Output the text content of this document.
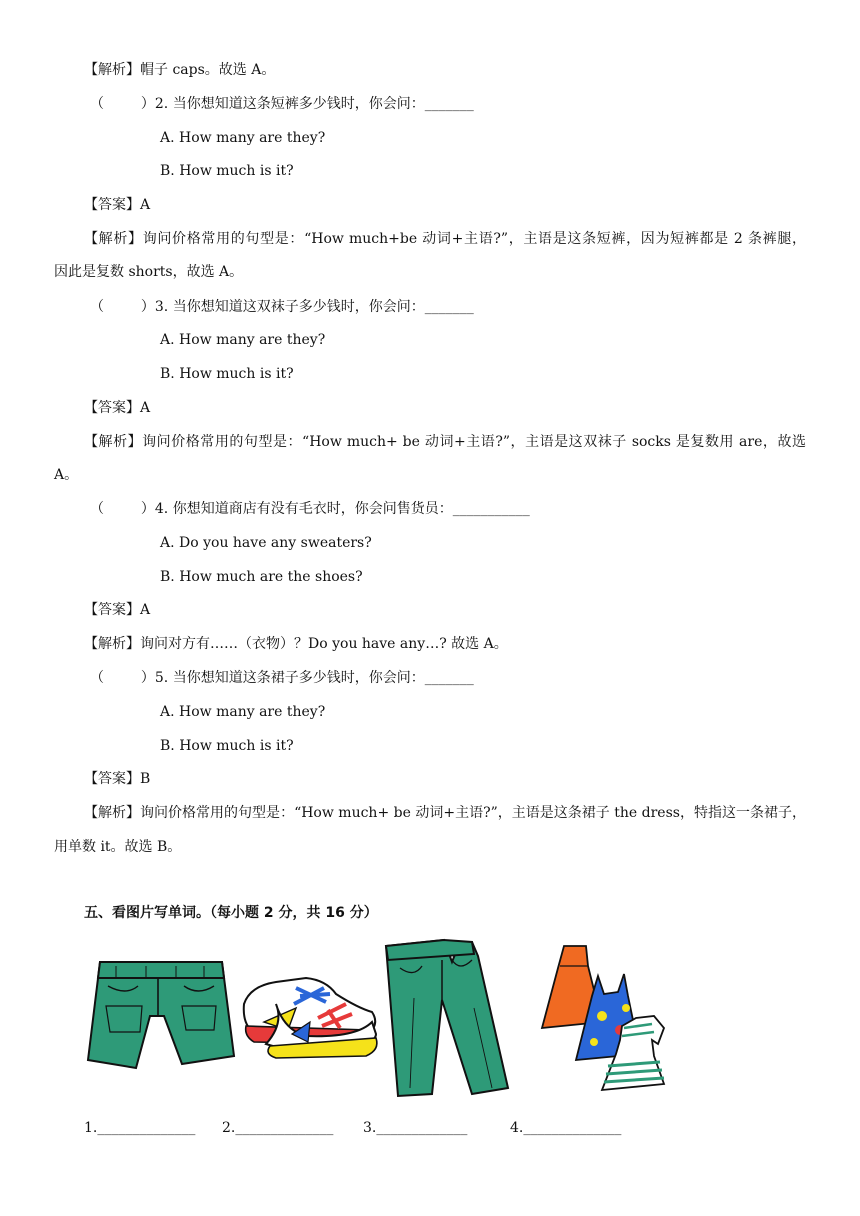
【解析】帽子 caps。故选 A。
（ 　　 ）2. 当你想知道这条短裤多少钱时，你会问：_______
A. How many are they?
B. How much is it?
【答案】A
【解析】询问价格常用的句型是：“How much+be 动词+主语?”，主语是这条短裤，因为短裤都是 2 条裤腿，
因此是复数 shorts，故选 A。
（ 　　 ）3. 当你想知道这双袜子多少钱时，你会问：_______
A. How many are they?
B. How much is it?
【答案】A
【解析】询问价格常用的句型是：“How much+ be 动词+主语?”，主语是这双袜子 socks 是复数用 are，故选
A。
（ 　　 ）4. 你想知道商店有没有毛衣时，你会问售货员：___________
A. Do you have any sweaters?
B. How much are the shoes?
【答案】A
【解析】询问对方有……（衣物）？Do you have any…? 故选 A。
（ 　　 ）5. 当你想知道这条裙子多少钱时，你会问：_______
A. How many are they?
B. How much is it?
【答案】B
【解析】询问价格常用的句型是：“How much+ be 动词+主语?”，主语是这条裙子 the dress，特指这一条裙子，
用单数 it。故选 B。
五、看图片写单词。（每小题 2 分，共 16 分）
1.______________ 2.______________ 3._____________	4.______________
